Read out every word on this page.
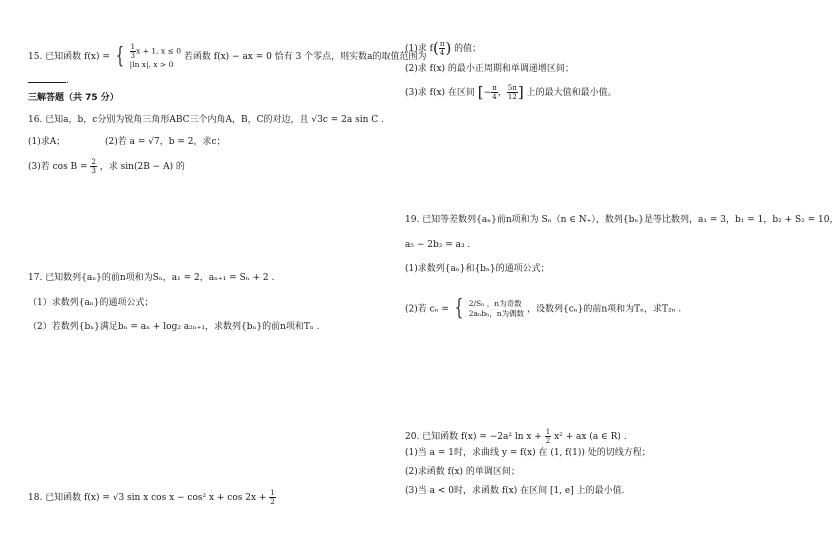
15. 已知函数 f(x) = { $\frac{1}{3}$ x + 1, x ≤ 0
|ln x|, x > 0
若函数 f(x) − ax = 0 恰有 3 个零点，则实数a的取值范围为
.
三解答题（共 75 分）
16. 已知a，b，c分别为锐角三角形ABC三个内角A，B，C的对边，且 √3c = 2a sin C .
(1)求A；	(2)若 a = √7，b = 2，求c；
(3)若 $\cos B = \frac{2}{3}$ ，求 sin(2B − A) 的
17. 已知数列{aₙ}的前n项和为Sₙ，a₁ = 2，aₙ₊₁ = Sₙ + 2 .
（1）求数列{aₙ}的通项公式；
（2）若数列{bₙ}满足bₙ = aₙ + log₂ a₂ₙ₊₁，求数列{bₙ}的前n项和Tₙ .
18. 已知函数 f(x) = √3 sin x cos x − cos² $x + \cos 2x + \frac{1}{2}$
(1)求 $f( \frac{\pi}{4}$ ) 的值；
(2)求 f(x) 的最小正周期和单调递增区间；
(3)求 f(x) 在区间 [− $\frac{\pi}{4}$ ， $\frac{5\pi}{12}$ ] 上的最大值和最小值。
19. 已知等差数列{aₙ}前n项和为 Sₙ（n ∈ N₊），数列{bₙ}是等比数列，a₁ = 3，b₁ = 1，b₂ + S₂ = 10，
a₅ − 2b₂ = a₃ .
(1)求数列{aₙ}和{bₙ}的通项公式；
(2)若 cₙ = { 2/Sₙ ，n为奇数
2aₙbₙ，n为偶数 ，设数列{cₙ}的前n项和为Tₙ，求T₂ₙ .
20. 已知函数 f(x) = −2a² $\ln x + \frac{1}{2} x^2$ + ax (a ∈ R) .
(1)当 a = 1时，求曲线 y = f(x) 在 (1, f(1)) 处的切线方程；
(2)求函数 f(x) 的单调区间；
(3)当 a < 0时，求函数 f(x) 在区间 [1, e] 上的最小值.
